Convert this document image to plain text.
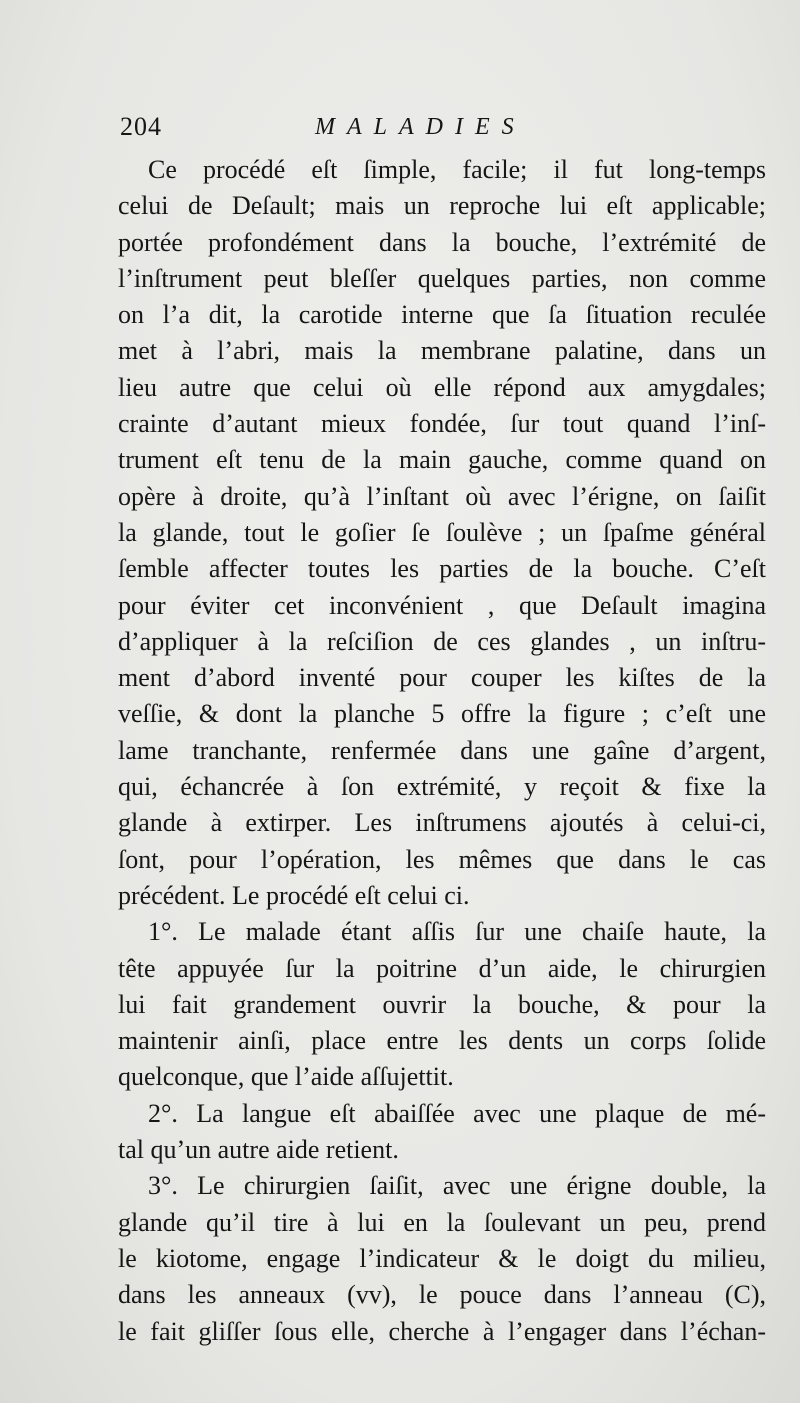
204	MALADIES
Ce procédé eſt ſimple, facile; il fut long-temps
celui de Deſault; mais un reproche lui eſt applicable;
portée profondément dans la bouche, l’extrémité de
l’inſtrument peut bleſſer quelques parties, non comme
on l’a dit, la carotide interne que ſa ſituation reculée
met à l’abri, mais la membrane palatine, dans un
lieu autre que celui où elle répond aux amygdales;
crainte d’autant mieux fondée, ſur tout quand l’inſ-
trument eſt tenu de la main gauche, comme quand on
opère à droite, qu’à l’inſtant où avec l’érigne, on ſaiſit
la glande, tout le goſier ſe ſoulève ; un ſpaſme général
ſemble affecter toutes les parties de la bouche. C’eſt
pour éviter cet inconvénient , que Deſault imagina
d’appliquer à la reſciſion de ces glandes , un inſtru-
ment d’abord inventé pour couper les kiſtes de la
veſſie, & dont la planche 5 offre la figure ; c’eſt une
lame tranchante, renfermée dans une gaîne d’argent,
qui, échancrée à ſon extrémité, y reçoit & fixe la
glande à extirper. Les inſtrumens ajoutés à celui-ci,
ſont, pour l’opération, les mêmes que dans le cas
précédent. Le procédé eſt celui ci.
1°. Le malade étant aſſis ſur une chaiſe haute, la
tête appuyée ſur la poitrine d’un aide, le chirurgien
lui fait grandement ouvrir la bouche, & pour la
maintenir ainſi, place entre les dents un corps ſolide
quelconque, que l’aide aſſujettit.
2°. La langue eſt abaiſſée avec une plaque de mé-
tal qu’un autre aide retient.
3°. Le chirurgien ſaiſit, avec une érigne double, la
glande qu’il tire à lui en la ſoulevant un peu, prend
le kiotome, engage l’indicateur & le doigt du milieu,
dans les anneaux (vv), le pouce dans l’anneau (C),
le fait gliſſer ſous elle, cherche à l’engager dans l’échan-
